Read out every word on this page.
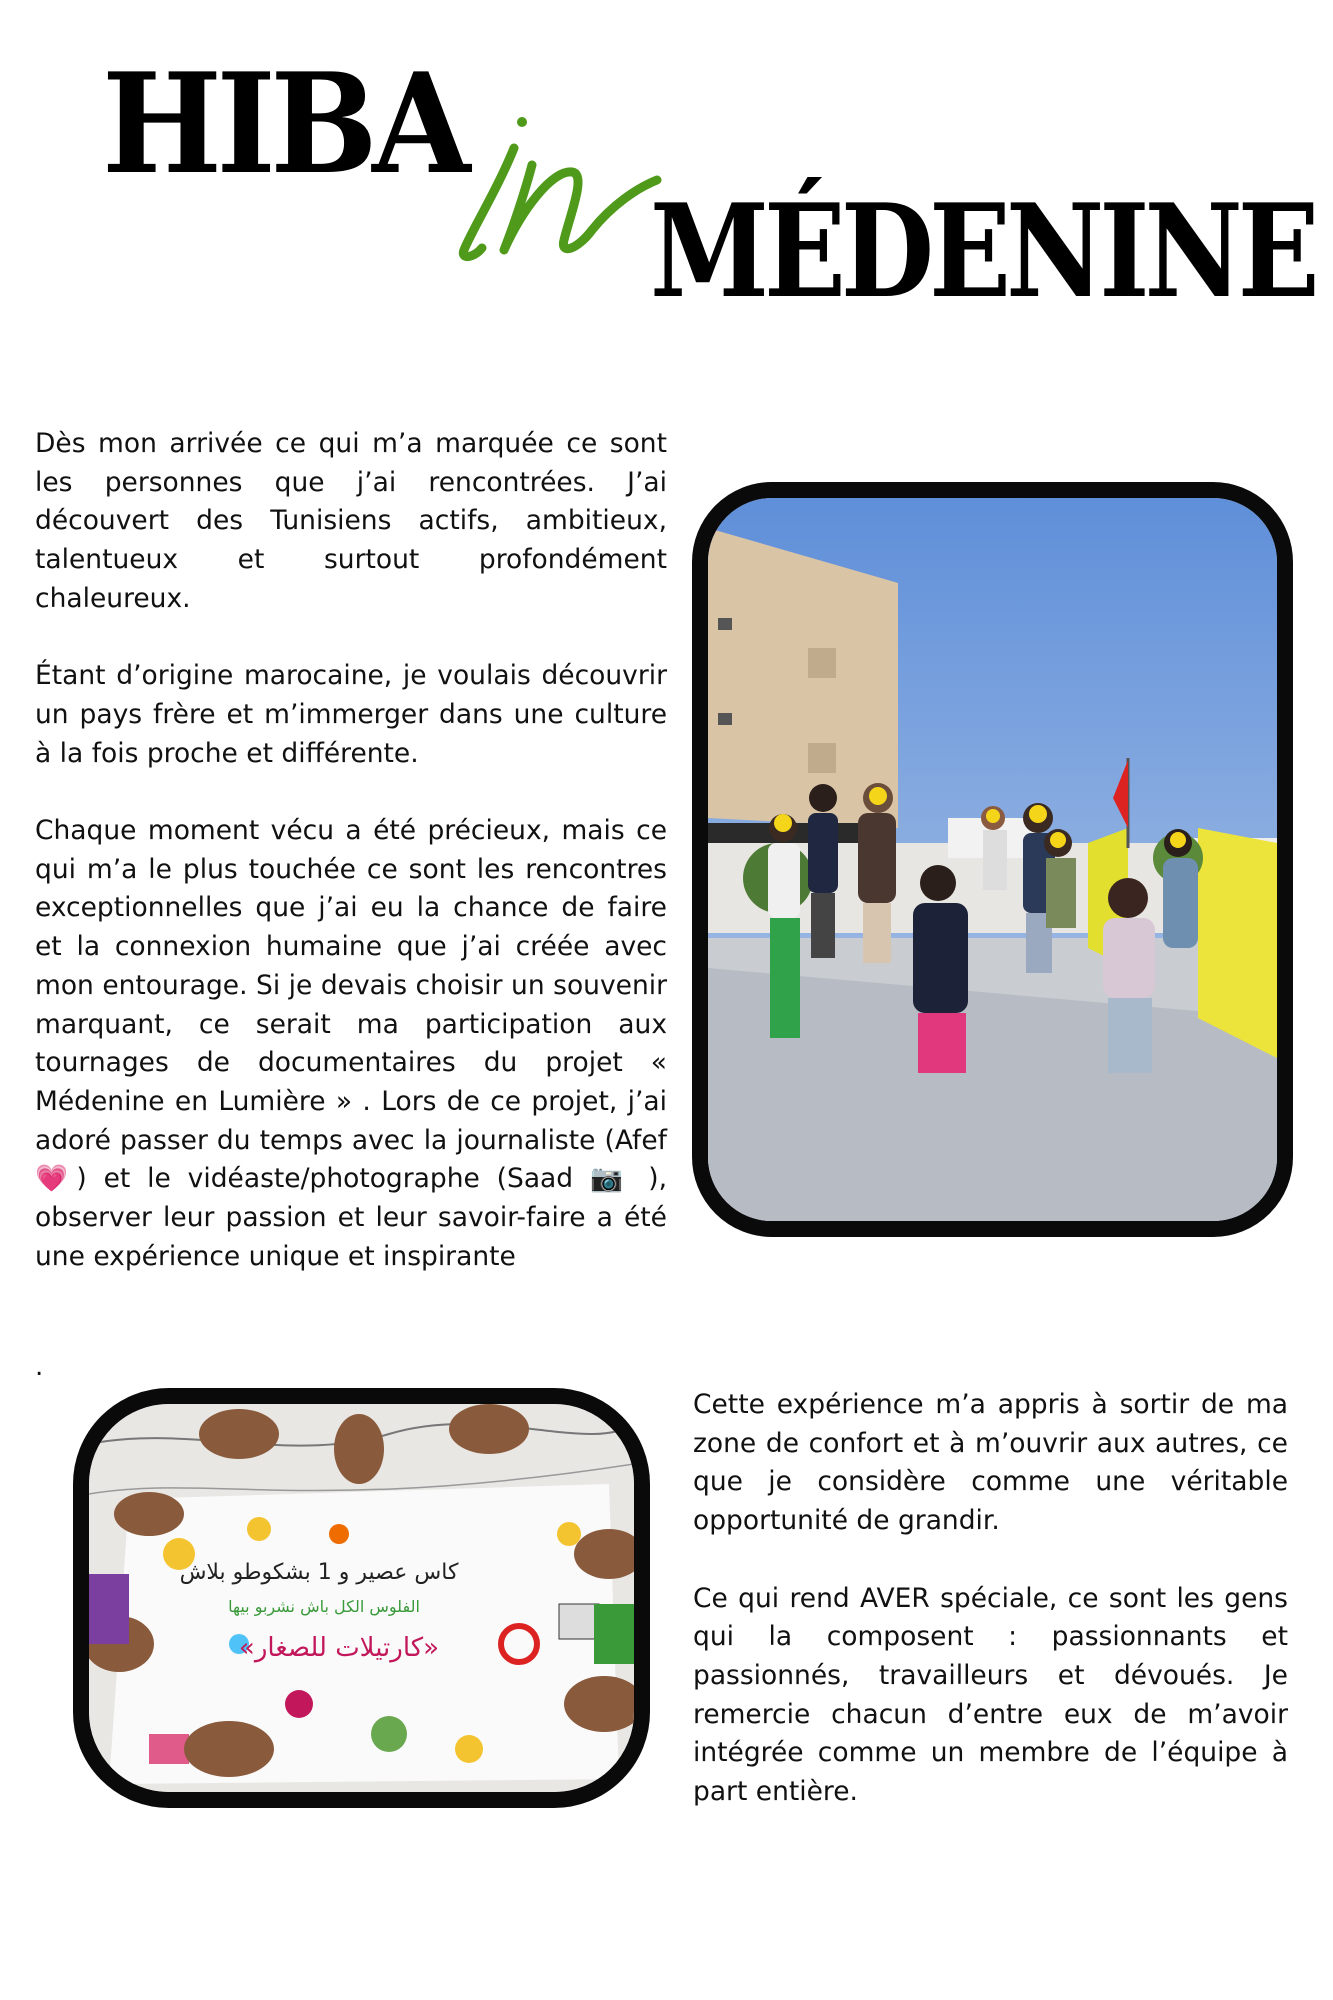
HIBA
MÉDENINE

Dès mon arrivée ce qui m’a marquée ce sont les personnes que j’ai rencontrées. J’ai découvert des Tunisiens actifs, ambitieux, talentueux et surtout profondément chaleureux.

Étant d’origine marocaine, je voulais découvrir un pays frère et m’immerger dans une culture à la fois proche et différente.

Chaque moment vécu a été précieux, mais ce qui m’a le plus touchée ce sont les rencontres exceptionnelles que j’ai eu la chance de faire et la connexion humaine que j’ai créée avec mon entourage. Si je devais choisir un souvenir marquant, ce serait ma participation aux tournages de documentaires du projet « Médenine en Lumière » . Lors de ce projet, j’ai adoré passer du temps avec la journaliste (Afef💗) et le vidéaste/photographe (Saad 📷 ), observer leur passion et leur savoir-faire a été une expérience unique et inspirante

.
كاس عصير و 1 بشكوطو بلاش
الفلوس الكل باش نشربو بيها
«كارتيلات للصغار»

Cette expérience m’a appris à sortir de ma zone de confort et à m’ouvrir aux autres, ce que je considère comme une véritable opportunité de grandir.

Ce qui rend AVER spéciale, ce sont les gens qui la composent : passionnants et passionnés, travailleurs et dévoués. Je remercie chacun d’entre eux de m’avoir intégrée comme un membre de l’équipe à part entière.
